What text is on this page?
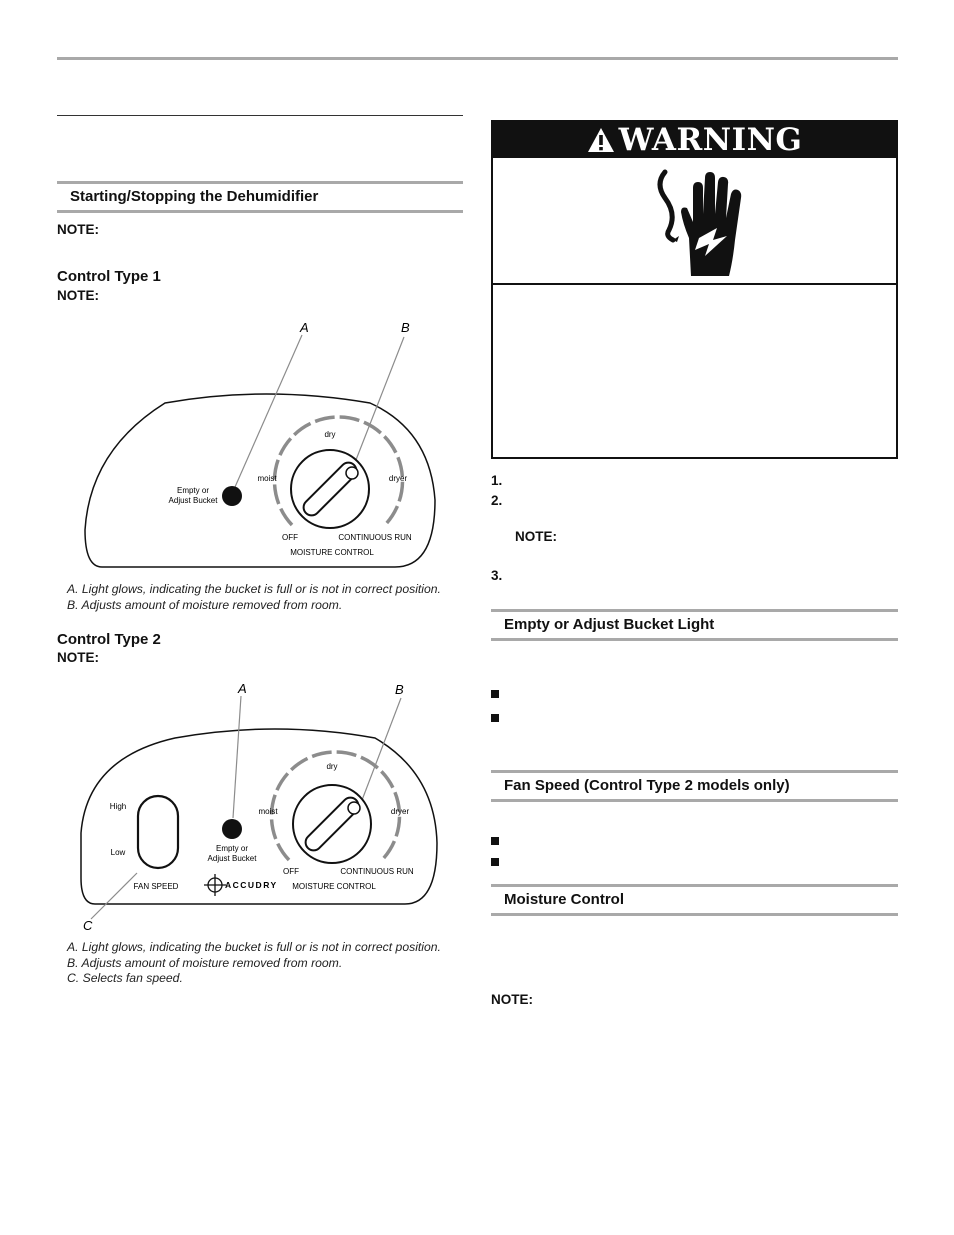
Starting/Stopping the Dehumidifier
NOTE:
Control Type 1
NOTE:
A	B
Empty or
Adjust Bucket
dry
moist	dryer
OFF	CONTINUOUS RUN
MOISTURE CONTROL
A. Light glows, indicating the bucket is full or is not in correct position.
B. Adjusts amount of moisture removed from room.
Control Type 2
NOTE:
A	B
C
High
Low
FAN SPEED
Empty or
Adjust Bucket
ACCUDRY
dry
moist	dryer
OFF	CONTINUOUS RUN
MOISTURE CONTROL
A. Light glows, indicating the bucket is full or is not in correct position.
B. Adjusts amount of moisture removed from room.
C. Selects fan speed.
WARNING
1.
2.
NOTE:
3.
Empty or Adjust Bucket Light
Fan Speed (Control Type 2 models only)
Moisture Control
NOTE:
